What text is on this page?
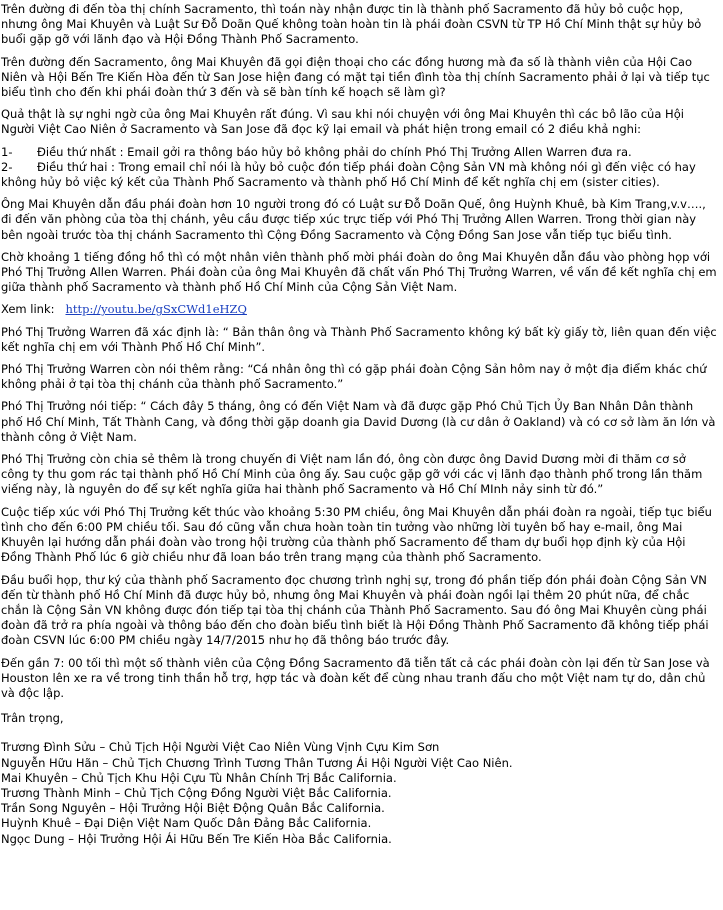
Trên đường đi đến tòa thị chính Sacramento, thì toán này nhận được tin là thành phố Sacramento đã hủy bỏ cuộc họp, nhưng ông Mai Khuyên và Luật Sư Đỗ Doãn Quế không toàn hoàn tin là phái đoàn CSVN từ TP Hồ Chí Minh thật sự hủy bỏ buổi gặp gỡ với lãnh đạo và Hội Đồng Thành Phố Sacramento.

Trên đường đến Sacramento, ông Mai Khuyên đã gọi điện thoại cho các đồng hương mà đa số là thành viên của Hội Cao Niên và Hội Bến Tre Kiến Hòa đến từ San Jose hiện đang có mặt tại tiền đình tòa thị chính Sacramento phải ở lại và tiếp tục biểu tình cho đến khi phái đoàn thứ 3 đến và sẽ bàn tính kế hoạch sẽ làm gì?

Quả thật là sự nghi ngờ của ông Mai Khuyên rất đúng. Vì sau khi nói chuyện với ông Mai Khuyên thì các bô lão của Hội Người Việt Cao Niên ở Sacramento và San Jose đã đọc kỹ lại email và phát hiện trong email có 2 điều khả nghi:

1-	Điều thứ nhất : Email gởi ra thông báo hủy bỏ không phải do chính Phó Thị Trưởng Allen Warren đưa ra.
2-	Điều thứ hai : Trong email chỉ nói là hủy bỏ cuộc đón tiếp phái đoàn Cộng Sản VN mà không nói gì đến việc có hay
không hủy bỏ việc ký kết của Thành Phố Sacramento và thành phố Hồ Chí Minh để kết nghĩa chị em (sister cities).

Ông Mai Khuyên dẫn đầu phái đoàn hơn 10 người trong đó có Luật sư Đỗ Doãn Quế, ông Huỳnh Khuê, bà Kim Trang,v.v…., đi đến văn phòng của tòa thị chánh, yêu cầu được tiếp xúc trực tiếp với Phó Thị Trưởng Allen Warren. Trong thời gian này bên ngoài trước tòa thị chánh Sacramento thì Cộng Đồng Sacramento và Cộng Đồng San Jose vẫn tiếp tục biểu tình.

Chờ khoảng 1 tiếng đồng hồ thì có một nhân viên thành phố mời phái đoàn do ông Mai Khuyên dẫn đầu vào phòng họp với Phó Thị Trưởng Allen Warren. Phái đoàn của ông Mai Khuyên đã chất vấn Phó Thị Trưởng Warren, về vấn đề kết nghĩa chị em giữa thành phố Sacramento và thành phố Hồ Chí Minh của Cộng Sản Việt Nam.

Xem link: http://youtu.be/gSxCWd1eHZQ

Phó Thị Trưởng Warren đã xác định là: “ Bản thân ông và Thành Phố Sacramento không ký bất kỳ giấy tờ, liên quan đến việc kết nghĩa chị em với Thành Phố Hồ Chí Minh”.

Phó Thị Trưởng Warren còn nói thêm rằng: “Cá nhân ông thì có gặp phái đoàn Cộng Sản hôm nay ở một địa điểm khác chứ không phải ở tại tòa thị chánh của thành phố Sacramento.”

Phó Thị Trưởng nói tiếp: “ Cách đây 5 tháng, ông có đến Việt Nam và đã được gặp Phó Chủ Tịch Ủy Ban Nhân Dân thành phố Hồ Chí Minh, Tất Thành Cang, và đồng thời gặp doanh gia David Dương (là cư dân ở Oakland) và có cơ sở làm ăn lớn và thành công ở Việt Nam.

Phó Thị Trưởng còn chia sẻ thêm là trong chuyến đi Việt nam lần đó, ông còn được ông David Dương mời đi thăm cơ sở công ty thu gom rác tại thành phố Hồ Chí Minh của ông ấy. Sau cuộc gặp gỡ với các vị lãnh đạo thành phố trong lần thăm viếng này, là nguyên do để sự kết nghĩa giữa hai thành phố Sacramento và Hồ Chí MInh nảy sinh từ đó.”

Cuộc tiếp xúc với Phó Thị Trưởng kết thúc vào khoảng 5:30 PM chiều, ông Mai Khuyên dẫn phái đoàn ra ngoài, tiếp tục biểu tình cho đến 6:00 PM chiều tối. Sau đó cũng vẫn chưa hoàn toàn tin tưởng vào những lời tuyên bố hay e-mail, ông Mai Khuyên lại hướng dẫn phái đoàn vào trong hội trường của thành phố Sacramento để tham dự buổi họp định kỳ của Hội Đồng Thành Phố lúc 6 giờ chiều như đã loan báo trên trang mạng của thành phố Sacramento.

Đầu buổi họp, thư ký của thành phố Sacramento đọc chương trình nghị sự, trong đó phần tiếp đón phái đoàn Cộng Sản VN đến từ thành phố Hồ Chí Minh đã được hủy bỏ, nhưng ông Mai Khuyên và phái đoàn ngồi lại thêm 20 phút nữa, để chắc chắn là Cộng Sản VN không được đón tiếp tại tòa thị chánh của Thành Phố Sacramento. Sau đó ông Mai Khuyên cùng phái đoàn đã trở ra phía ngoài và thông báo đến cho đoàn biểu tình biết là Hội Đồng Thành Phố Sacramento đã không tiếp phái đoàn CSVN lúc 6:00 PM chiều ngày 14/7/2015 như họ đã thông báo trước đây.

Đến gần 7: 00 tối thì một số thành viên của Cộng Đồng Sacramento đã tiễn tất cả các phái đoàn còn lại đến từ San Jose và Houston lên xe ra về trong tinh thần hỗ trợ, hợp tác và đoàn kết để cùng nhau tranh đấu cho một Việt nam tự do, dân chủ và độc lập.

Trân trọng,

Trương Đình Sửu – Chủ Tịch Hội Người Việt Cao Niên Vùng Vịnh Cựu Kim Sơn

Nguyễn Hữu Hãn – Chủ Tịch Chương Trình Tương Thân Tương Ái Hội Người Việt Cao Niên.

Mai Khuyên – Chủ Tịch Khu Hội Cựu Tù Nhân Chính Trị Bắc California.

Trương Thành Minh – Chủ Tịch Cộng Đồng Người Việt Bắc California.

Trần Song Nguyên – Hội Trưởng Hội Biệt Động Quân Bắc California.

Huỳnh Khuê – Đại Diện Việt Nam Quốc Dân Đảng Bắc California.

Ngọc Dung – Hội Trưởng Hội Ái Hữu Bến Tre Kiến Hòa Bắc California.
